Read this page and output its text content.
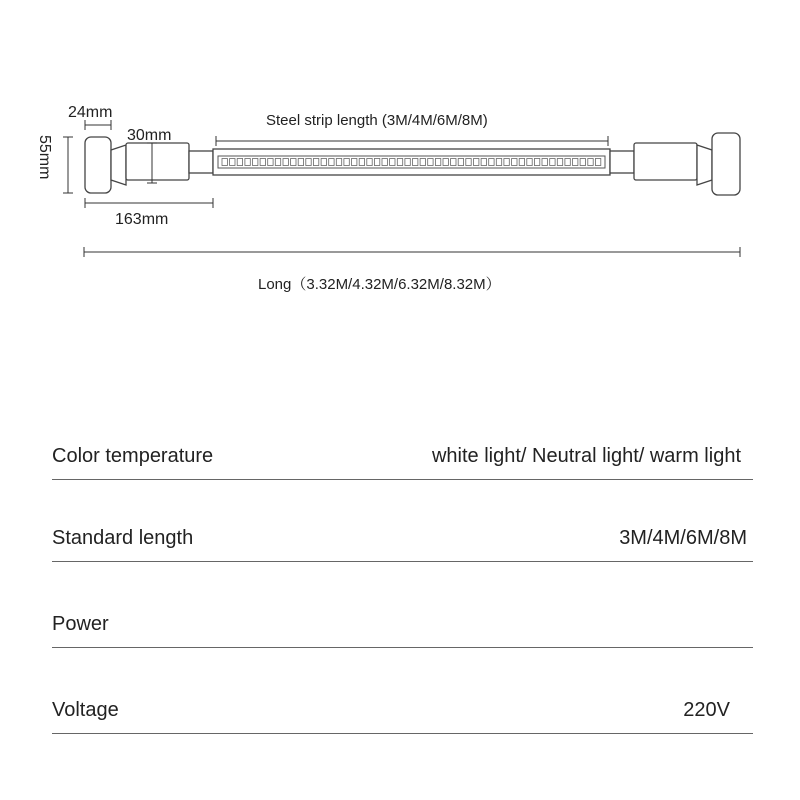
24mm
30mm
55mm
163mm
Steel strip length (3M/4M/6M/8M)
Long（3.32M/4.32M/6.32M/8.32M）
Color temperature	white light/ Neutral light/ warm light
Standard length	3M/4M/6M/8M
Power
Voltage	220V
